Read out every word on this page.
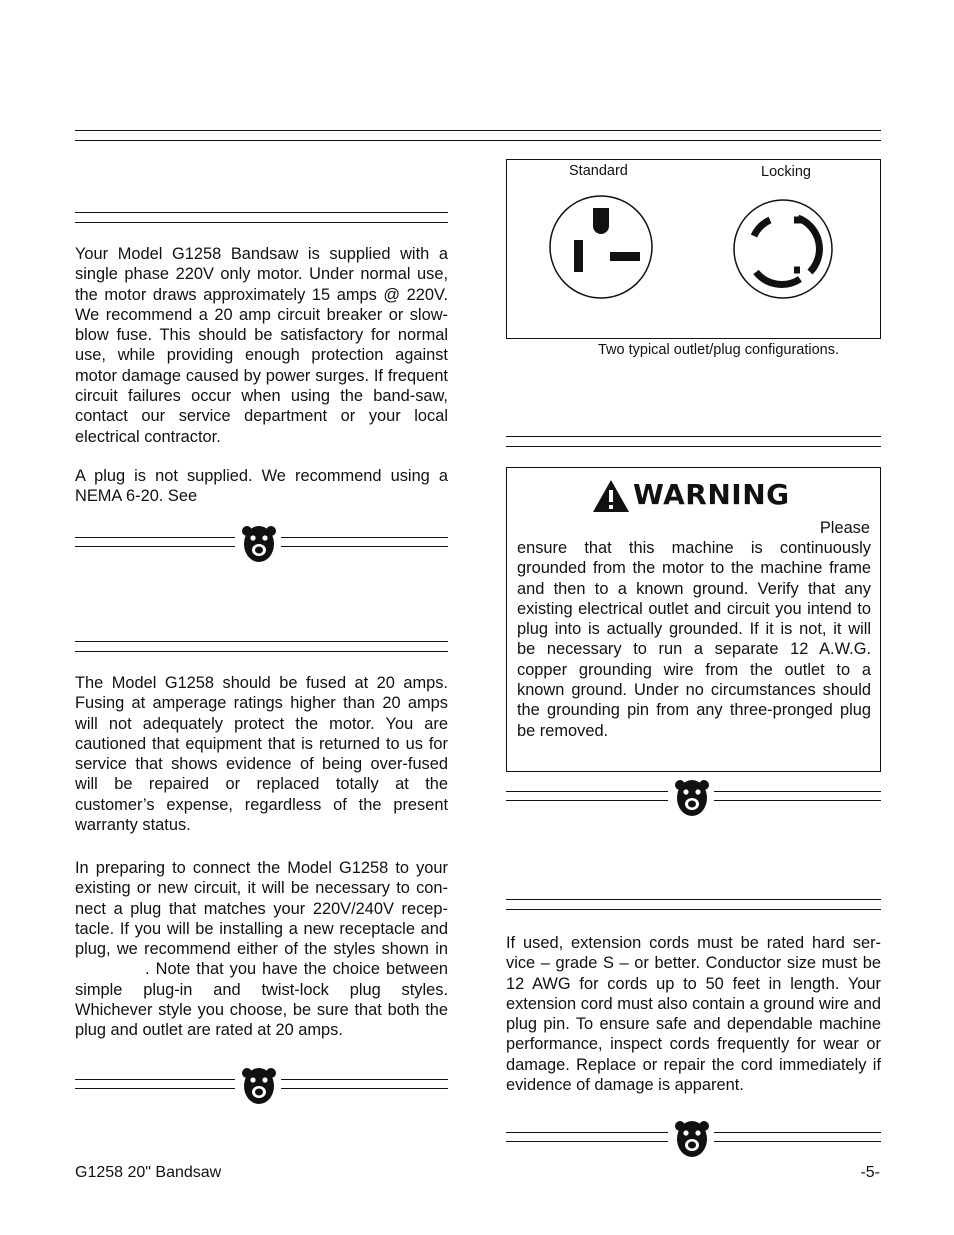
Your Model G1258 Bandsaw is supplied with a single phase 220V only motor. Under normal use, the motor draws approximately 15 amps @ 220V. We recommend a 20 amp circuit breaker or slow-blow fuse. This should be satisfactory for normal use, while providing enough protection against motor damage caused by power surges. If frequent circuit failures occur when using the band-saw, contact our service department or your local electrical contractor.

A plug is not supplied. We recommend using a NEMA 6-20. See

The Model G1258 should be fused at 20 amps. Fusing at amperage ratings higher than 20 amps will not adequately protect the motor. You are cautioned that equipment that is returned to us for service that shows evidence of being over-fused will be repaired or replaced totally at the customer’s expense, regardless of the present warranty status.

In preparing to connect the Model G1258 to your existing or new circuit, it will be necessary to con-nect a plug that matches your 220V/240V recep-tacle. If you will be installing a new receptacle and plug, we recommend either of the styles shown in. Note that you have the choice between simple plug-in and twist-lock plug styles. Whichever style you choose, be sure that both the plug and outlet are rated at 20 amps.

Standard	Locking
Two typical outlet/plug configurations.
WARNING
Please

ensure that this machine is continuously grounded from the motor to the machine frame and then to a known ground. Verify that any existing electrical outlet and circuit you intend to plug into is actually grounded. If it is not, it will be necessary to run a separate 12 A.W.G. copper grounding wire from the outlet to a known ground. Under no circumstances should the grounding pin from any three-pronged plug be removed.

If used, extension cords must be rated hard ser-vice – grade S – or better. Conductor size must be 12 AWG for cords up to 50 feet in length. Your extension cord must also contain a ground wire and plug pin. To ensure safe and dependable machine performance, inspect cords frequently for wear or damage. Replace or repair the cord immediately if evidence of damage is apparent.

G1258 20" Bandsaw	-5-
